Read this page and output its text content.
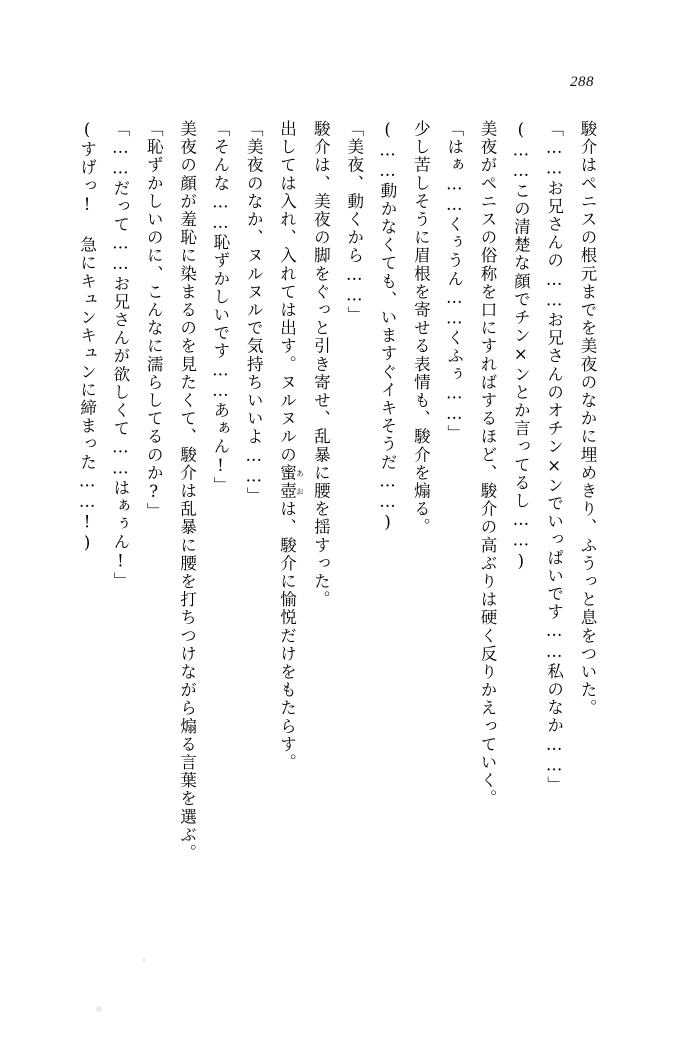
288

駿介はペニスの根元までを美夜のなかに埋めきり、ふうっと息をついた。

「……お兄さんの……お兄さんのオチン×ンでいっぱいです……私のなか……」

(……この清楚な顔でチン×ンとか言ってるし……)

美夜がペニスの俗称を口にすればするほど、駿介の高ぶりは硬く反りかえっていく。

「はぁ……くぅうん……くふぅ……」

少し苦しそうに眉根を寄せる表情も、駿介を煽る。

(……動かなくても、いますぐイキそうだ……)

「美夜、動くから……」

駿介は、美夜の脚をぐっと引き寄せ、乱暴に腰を揺すった。

出しては入れ、入れては出す。ヌルヌルの蜜壺 あおは、駿介に愉悦だけをもたらす。

「美夜のなか、ヌルヌルで気持ちいいよ……」

「そんな……恥ずかしいです……あぁん!」

美夜の顔が羞恥に染まるのを見たくて、駿介は乱暴に腰を打ちつけながら煽る言葉を選ぶ。

「恥ずかしいのに、こんなに濡らしてるのか?」

「……だって……お兄さんが欲しくて……はぁぅん!」

(すげっ! 急にキュンキュンに締まった……!)
